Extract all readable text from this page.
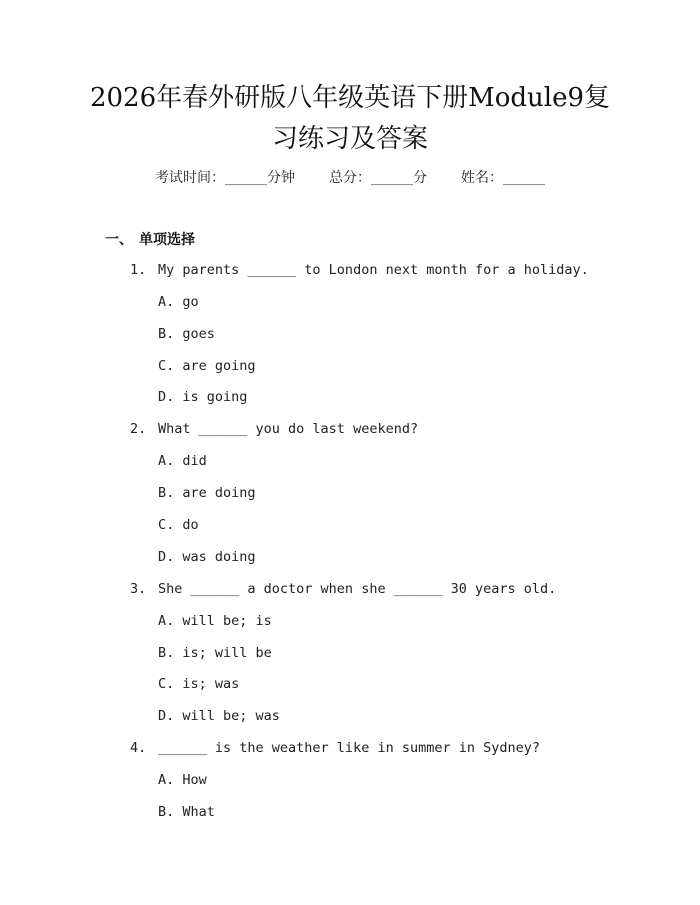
2026年春外研版八年级英语下册Module9复
习练习及答案
考试时间：______分钟 总分：______分 姓名：______
一、 单项选择
1. My parents ______ to London next month for a holiday.
A. go
B. goes
C. are going
D. is going
2. What ______ you do last weekend?
A. did
B. are doing
C. do
D. was doing
3. She ______ a doctor when she ______ 30 years old.
A. will be; is
B. is; will be
C. is; was
D. will be; was
4. ______ is the weather like in summer in Sydney?
A. How
B. What
